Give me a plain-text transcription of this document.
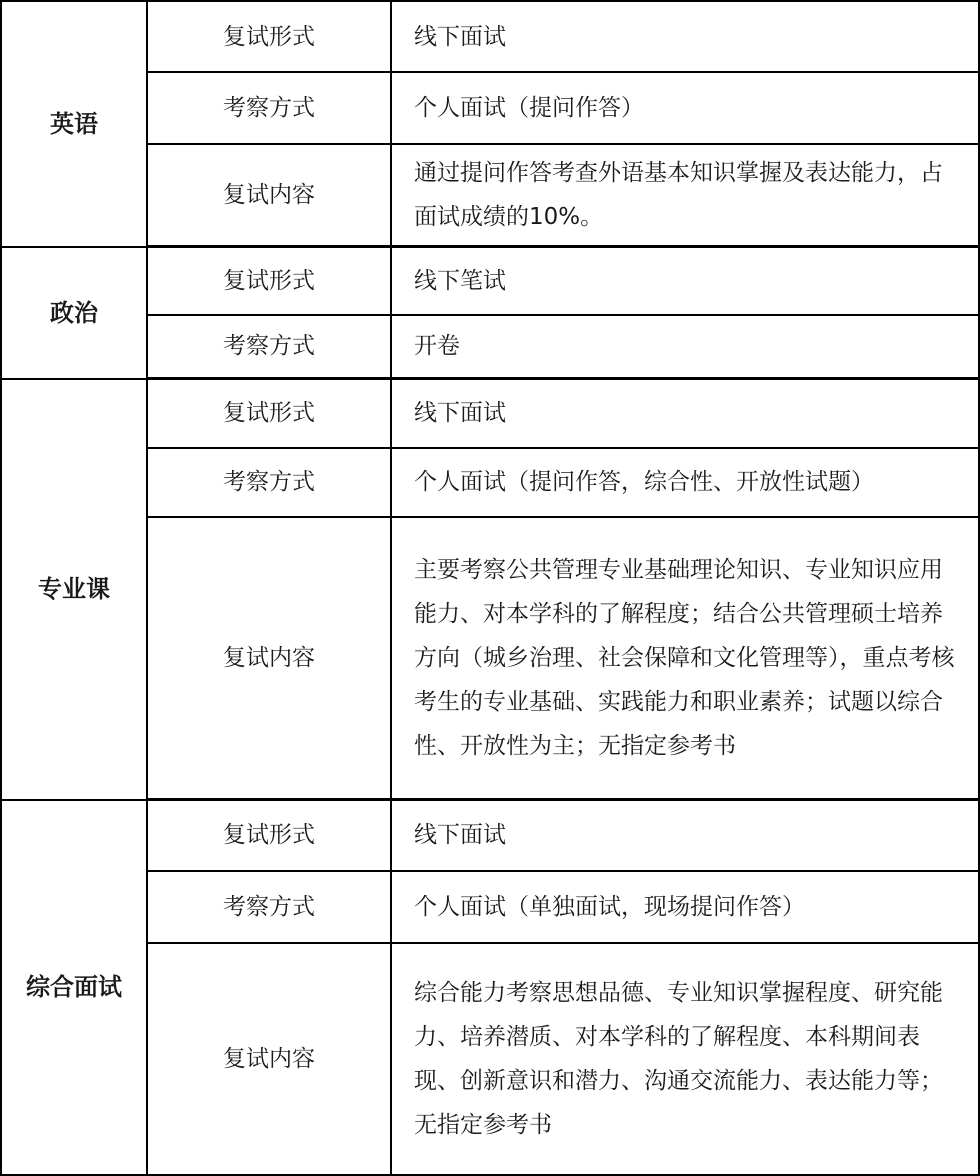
英语	复试形式	线下面试
	考察方式	个人面试（提问作答）
	复试内容	通过提问作答考查外语基本知识掌握及表达能力，占面试成绩的10%。
政治	复试形式	线下笔试
	考察方式	开卷
专业课	复试形式	线下面试
	考察方式	个人面试（提问作答，综合性、开放性试题）
	复试内容	主要考察公共管理专业基础理论知识、专业知识应用能力、对本学科的了解程度；结合公共管理硕士培养方向（城乡治理、社会保障和文化管理等），重点考核考生的专业基础、实践能力和职业素养；试题以综合性、开放性为主；无指定参考书
综合面试	复试形式	线下面试
	考察方式	个人面试（单独面试，现场提问作答）
	复试内容	综合能力考察思想品德、专业知识掌握程度、研究能力、培养潜质、对本学科的了解程度、本科期间表现、创新意识和潜力、沟通交流能力、表达能力等；无指定参考书
